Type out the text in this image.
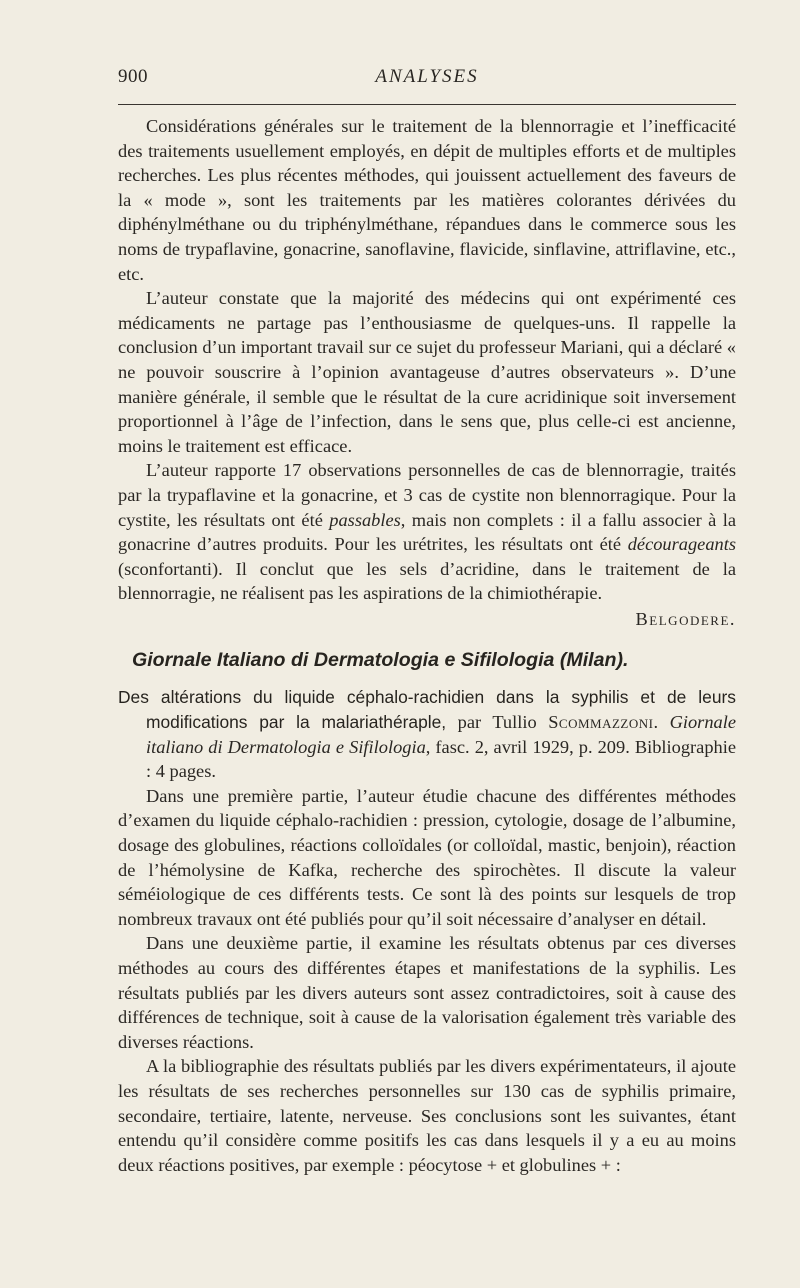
900	ANALYSES

Considérations générales sur le traitement de la blennorragie et l’inefficacité des traitements usuellement employés, en dépit de multiples efforts et de multiples recherches. Les plus récentes méthodes, qui jouissent actuellement des faveurs de la « mode », sont les traitements par les matières colorantes dérivées du diphénylméthane ou du triphénylméthane, répandues dans le commerce sous les noms de trypaflavine, gonacrine, sanoflavine, flavicide, sinflavine, attriflavine, etc., etc.

L’auteur constate que la majorité des médecins qui ont expérimenté ces médicaments ne partage pas l’enthousiasme de quelques-uns. Il rappelle la conclusion d’un important travail sur ce sujet du professeur Mariani, qui a déclaré « ne pouvoir souscrire à l’opinion avantageuse d’autres observateurs ». D’une manière générale, il semble que le résultat de la cure acridinique soit inversement proportionnel à l’âge de l’infection, dans le sens que, plus celle-ci est ancienne, moins le traitement est efficace.

L’auteur rapporte 17 observations personnelles de cas de blennorragie, traités par la trypaflavine et la gonacrine, et 3 cas de cystite non blennorragique. Pour la cystite, les résultats ont été passables, mais non complets : il a fallu associer à la gonacrine d’autres produits. Pour les urétrites, les résultats ont été décourageants (sconfortanti). Il conclut que les sels d’acridine, dans le traitement de la blennorragie, ne réalisent pas les aspirations de la chimiothérapie.

Belgodere.

Giornale Italiano di Dermatologia e Sifilologia (Milan).

Des altérations du liquide céphalo-rachidien dans la syphilis et de leurs modifications par la malariathéraple, par Tullio Scommazzoni. Giornale italiano di Dermatologia e Sifilologia, fasc. 2, avril 1929, p. 209. Bibliographie : 4 pages.

Dans une première partie, l’auteur étudie chacune des différentes méthodes d’examen du liquide céphalo-rachidien : pression, cytologie, dosage de l’albumine, dosage des globulines, réactions colloïdales (or colloïdal, mastic, benjoin), réaction de l’hémolysine de Kafka, recherche des spirochètes. Il discute la valeur séméiologique de ces différents tests. Ce sont là des points sur lesquels de trop nombreux travaux ont été publiés pour qu’il soit nécessaire d’analyser en détail.

Dans une deuxième partie, il examine les résultats obtenus par ces diverses méthodes au cours des différentes étapes et manifestations de la syphilis. Les résultats publiés par les divers auteurs sont assez contradictoires, soit à cause des différences de technique, soit à cause de la valorisation également très variable des diverses réactions.

A la bibliographie des résultats publiés par les divers expérimentateurs, il ajoute les résultats de ses recherches personnelles sur 130 cas de syphilis primaire, secondaire, tertiaire, latente, nerveuse. Ses conclusions sont les suivantes, étant entendu qu’il considère comme positifs les cas dans lesquels il y a eu au moins deux réactions positives, par exemple : péocytose + et globulines + :
